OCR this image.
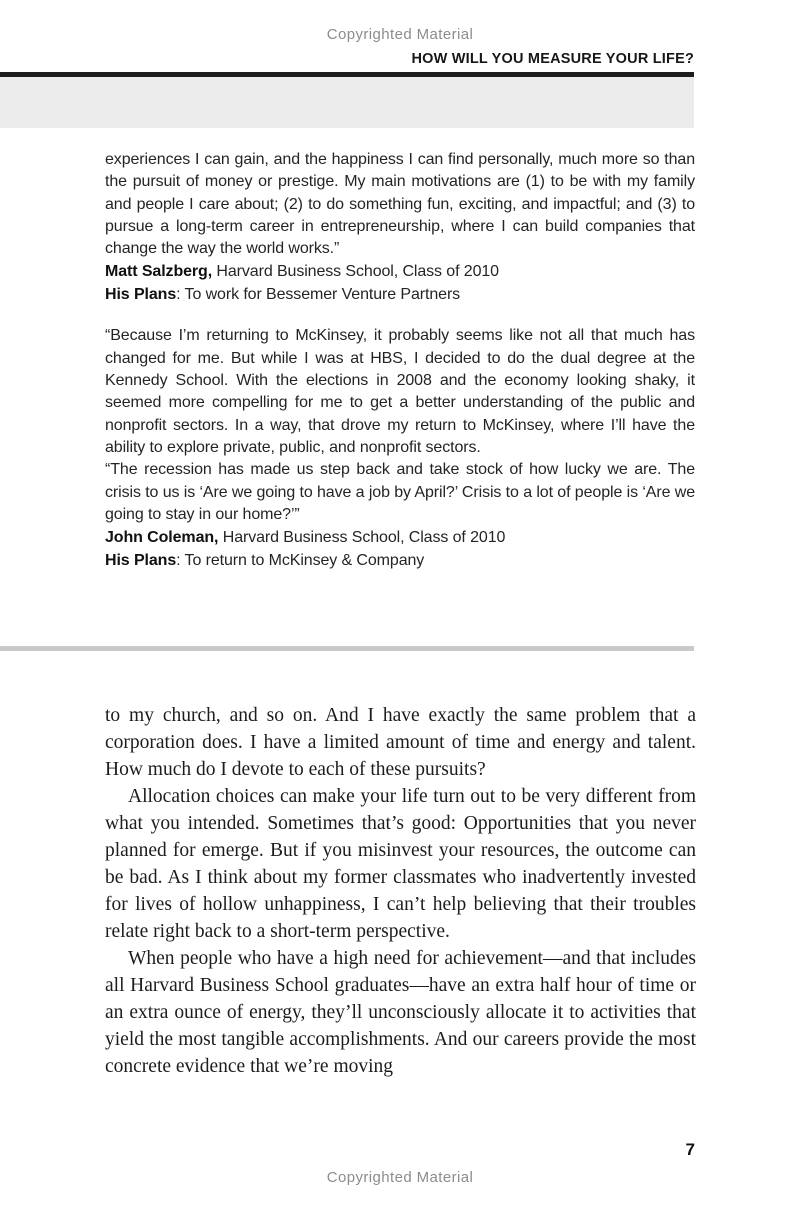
Copyrighted Material
HOW WILL YOU MEASURE YOUR LIFE?

experiences I can gain, and the happiness I can find personally, much more so than the pursuit of money or prestige. My main motivations are (1) to be with my family and people I care about; (2) to do something fun, exciting, and impactful; and (3) to pursue a long-term career in entrepreneurship, where I can build companies that change the way the world works.”

Matt Salzberg, Harvard Business School, Class of 2010

His Plans: To work for Bessemer Venture Partners

“Because I’m returning to McKinsey, it probably seems like not all that much has changed for me. But while I was at HBS, I decided to do the dual degree at the Kennedy School. With the elections in 2008 and the economy looking shaky, it seemed more compelling for me to get a better understanding of the public and nonprofit sectors. In a way, that drove my return to McKinsey, where I’ll have the ability to explore private, public, and nonprofit sectors.

“The recession has made us step back and take stock of how lucky we are. The crisis to us is ‘Are we going to have a job by April?’ Crisis to a lot of people is ‘Are we going to stay in our home?’”

John Coleman, Harvard Business School, Class of 2010

His Plans: To return to McKinsey & Company

to my church, and so on. And I have exactly the same problem that a corporation does. I have a limited amount of time and energy and talent. How much do I devote to each of these pursuits?

Allocation choices can make your life turn out to be very different from what you intended. Sometimes that’s good: Opportunities that you never planned for emerge. But if you misinvest your resources, the outcome can be bad. As I think about my former classmates who inadvertently invested for lives of hollow unhappiness, I can’t help believing that their troubles relate right back to a short-term perspective.

When people who have a high need for achievement—and that includes all Harvard Business School graduates—have an extra half hour of time or an extra ounce of energy, they’ll unconsciously allocate it to activities that yield the most tangible accomplishments. And our careers provide the most concrete evidence that we’re moving

7
Copyrighted Material
